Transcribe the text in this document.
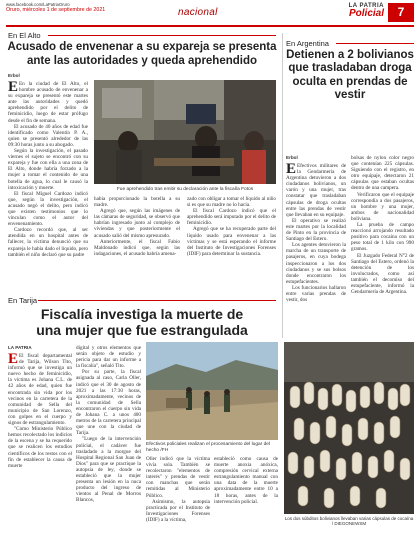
www.facebook.com/LaPatriaOruro
Oruro, miércoles 1 de septiembre de 2021	nacional
LA PATRIA
Policial	7
En El Alto
Acusado de envenenar a su expareja se presenta
ante las autoridades y queda aprehendido
Erbol

E En la ciudad de El Alto, el hombre acusado de envenenar a su expareja se presentó este martes ante las autoridades y quedó aprehendido por el delito de feminicidio, luego de estar prófugo desde el fin de semana.

El acusado de 40 años de edad fue identificado como Valentín P. A., quien se presentó alrededor de las 09:30 horas junto a su abogado.

Según la investigación, el pasado viernes el sujeto se encontró con su expareja y fue con ella a una zona de El Alto, donde habría forzado a la mujer a tomar el contenido de una botella de agua, lo cual le causó la intoxicación y muerte.

El fiscal Miguel Cardozo indicó que, según la investigación, el acusado negó el delito, pero indicó que existen testimonios que lo vinculan como el autor del envenenamiento.

Cardozo recordó que, al ser atendida en un hospital antes de fallecer, la víctima denunció que su expareja le había dado el líquido, pero también el niño declaró que su padre

Fue aprehendido tras emitir su declaración ante la fiscalía Fotos

había proporcionado la botella a su madre.

Agregó que, según las imágenes de las cámaras de seguridad, se observó que habrían ingresado junto al complejo de viviendas y que posteriormente el acusado salió del mismo apresurado.

Anteriormente, el fiscal Fabio Maldonado indicó que, según las indagaciones, el acusado habría amena-

zado con obligar a tomar el líquido al niño si es que su madre no lo hacía.

El fiscal Cardozo indicó que el aprehendido será imputado por el delito de feminicidio.

Agregó que se ha recuperado parte del líquido usado para envenenar a las víctimas y se está esperando el informe del Instituto de Investigaciones Forenses (IDIF) para determinar la sustancia.

En Argentina
Detienen a 2 bolivianos que trasladaban droga oculta en prendas de vestir
Erbol

E Efectivos militares de la Gendarmería de Argentina detuvieron a dos ciudadanos bolivianos, un varón y una mujer, tras constatar que trasladaban cápsulas de droga ocultas entre las prendas de vestir que llevaban en su equipaje.

El operativo se realizó este martes por la localidad de Pinto en la provincia de Santiago del Estero.

Los agentes detuvieron la marcha de un transporte de pasajeros, en cuya bodega inspeccionaron a los dos ciudadanos y se sus bolsos donde encontraron los estupefacientes.

Los funcionarios hallaron entre varias prendas de vestir, dos

bolsas de nylon color negro que contenían 225 cápsulas. Siguiendo con el registro, en otro equipaje, detectaron 21 cápsulas que estaban ocultas dentro de una campera.

Verificaron que el equipaje correspondía a dos pasajeros, un hombre y una mujer, ambos de nacionalidad boliviana.

La prueba de campo reaccionó arrojando resultado positivo para cocaína con un peso total de 1 kilo con 990 gramos.

El Juzgado Federal N°2 de Santiago del Estero, ordenó la detención de los involucrados, como así también el decomiso del estupefaciente, informó la Gendarmería de Argentina.

Los dos súbditos bolivianos llevaban varias cápsulas de cocaína / DIEGONEWSM
En Tarija
Fiscalía investiga la muerte de
una mujer que fue estrangulada
LA PATRIA

E El fiscal departamental de Tarija, Wilson Tito, informó que se investiga un nuevo hecho de feminicidio, la víctima es Johana C.L. de 42 años de edad, quien fue encontrada sin vida por los vecinos en la carretera de la comunidad de Sella del municipio de San Lorenzo, con golpes en el cuerpo y signos de estrangulamiento.

"Como Ministerio Público hemos recolectado los indicios de la escena y se ha requerido que se realicen los estudios científicos de los restos con el fin de establecer la causa de muerte

digital y otros elementos que serán objeto de estudio y pericia para dar un informe a la fiscalía", señaló Tito.

Por su parte, la fiscal asignada al caso, Carla Oller, indicó que el 30 de agosto de 2021 a las 17:30 horas, aproximadamente, vecinos de la comunidad de Sella encontraron el cuerpo sin vida de Johana C. a unos 400 metros de la carretera principal que une con la ciudad de Tarija.

"Luego de la intervención policial, el cadáver fue trasladado a la morgue del Hospital Regional San Juan de Dios" para que se practique la autopsia de ley, donde se estableció que la mujer presenta un lesión en la nuca producto del ingreso de vientos al Penal de Morros Blancos,

Efectivos policiales realizan el procesamiento del lugar del hecho /FH

Oller indicó que la víctima vivía sola. También se recolectaron "elementos de interés" y prendas de vestir con manchas que serán remitidas al Ministerio Público.

Asimismo, la autopsia practicada por el Instituto de Investigaciones Forenses (IDIF) a la víctima,

estableció como causa de muerte anoxia anóxica, compresión cervical externa estrangulamiento manual con una data de la muerte aproximadamente entre 10 a 18 horas, antes de la intervención policial.
